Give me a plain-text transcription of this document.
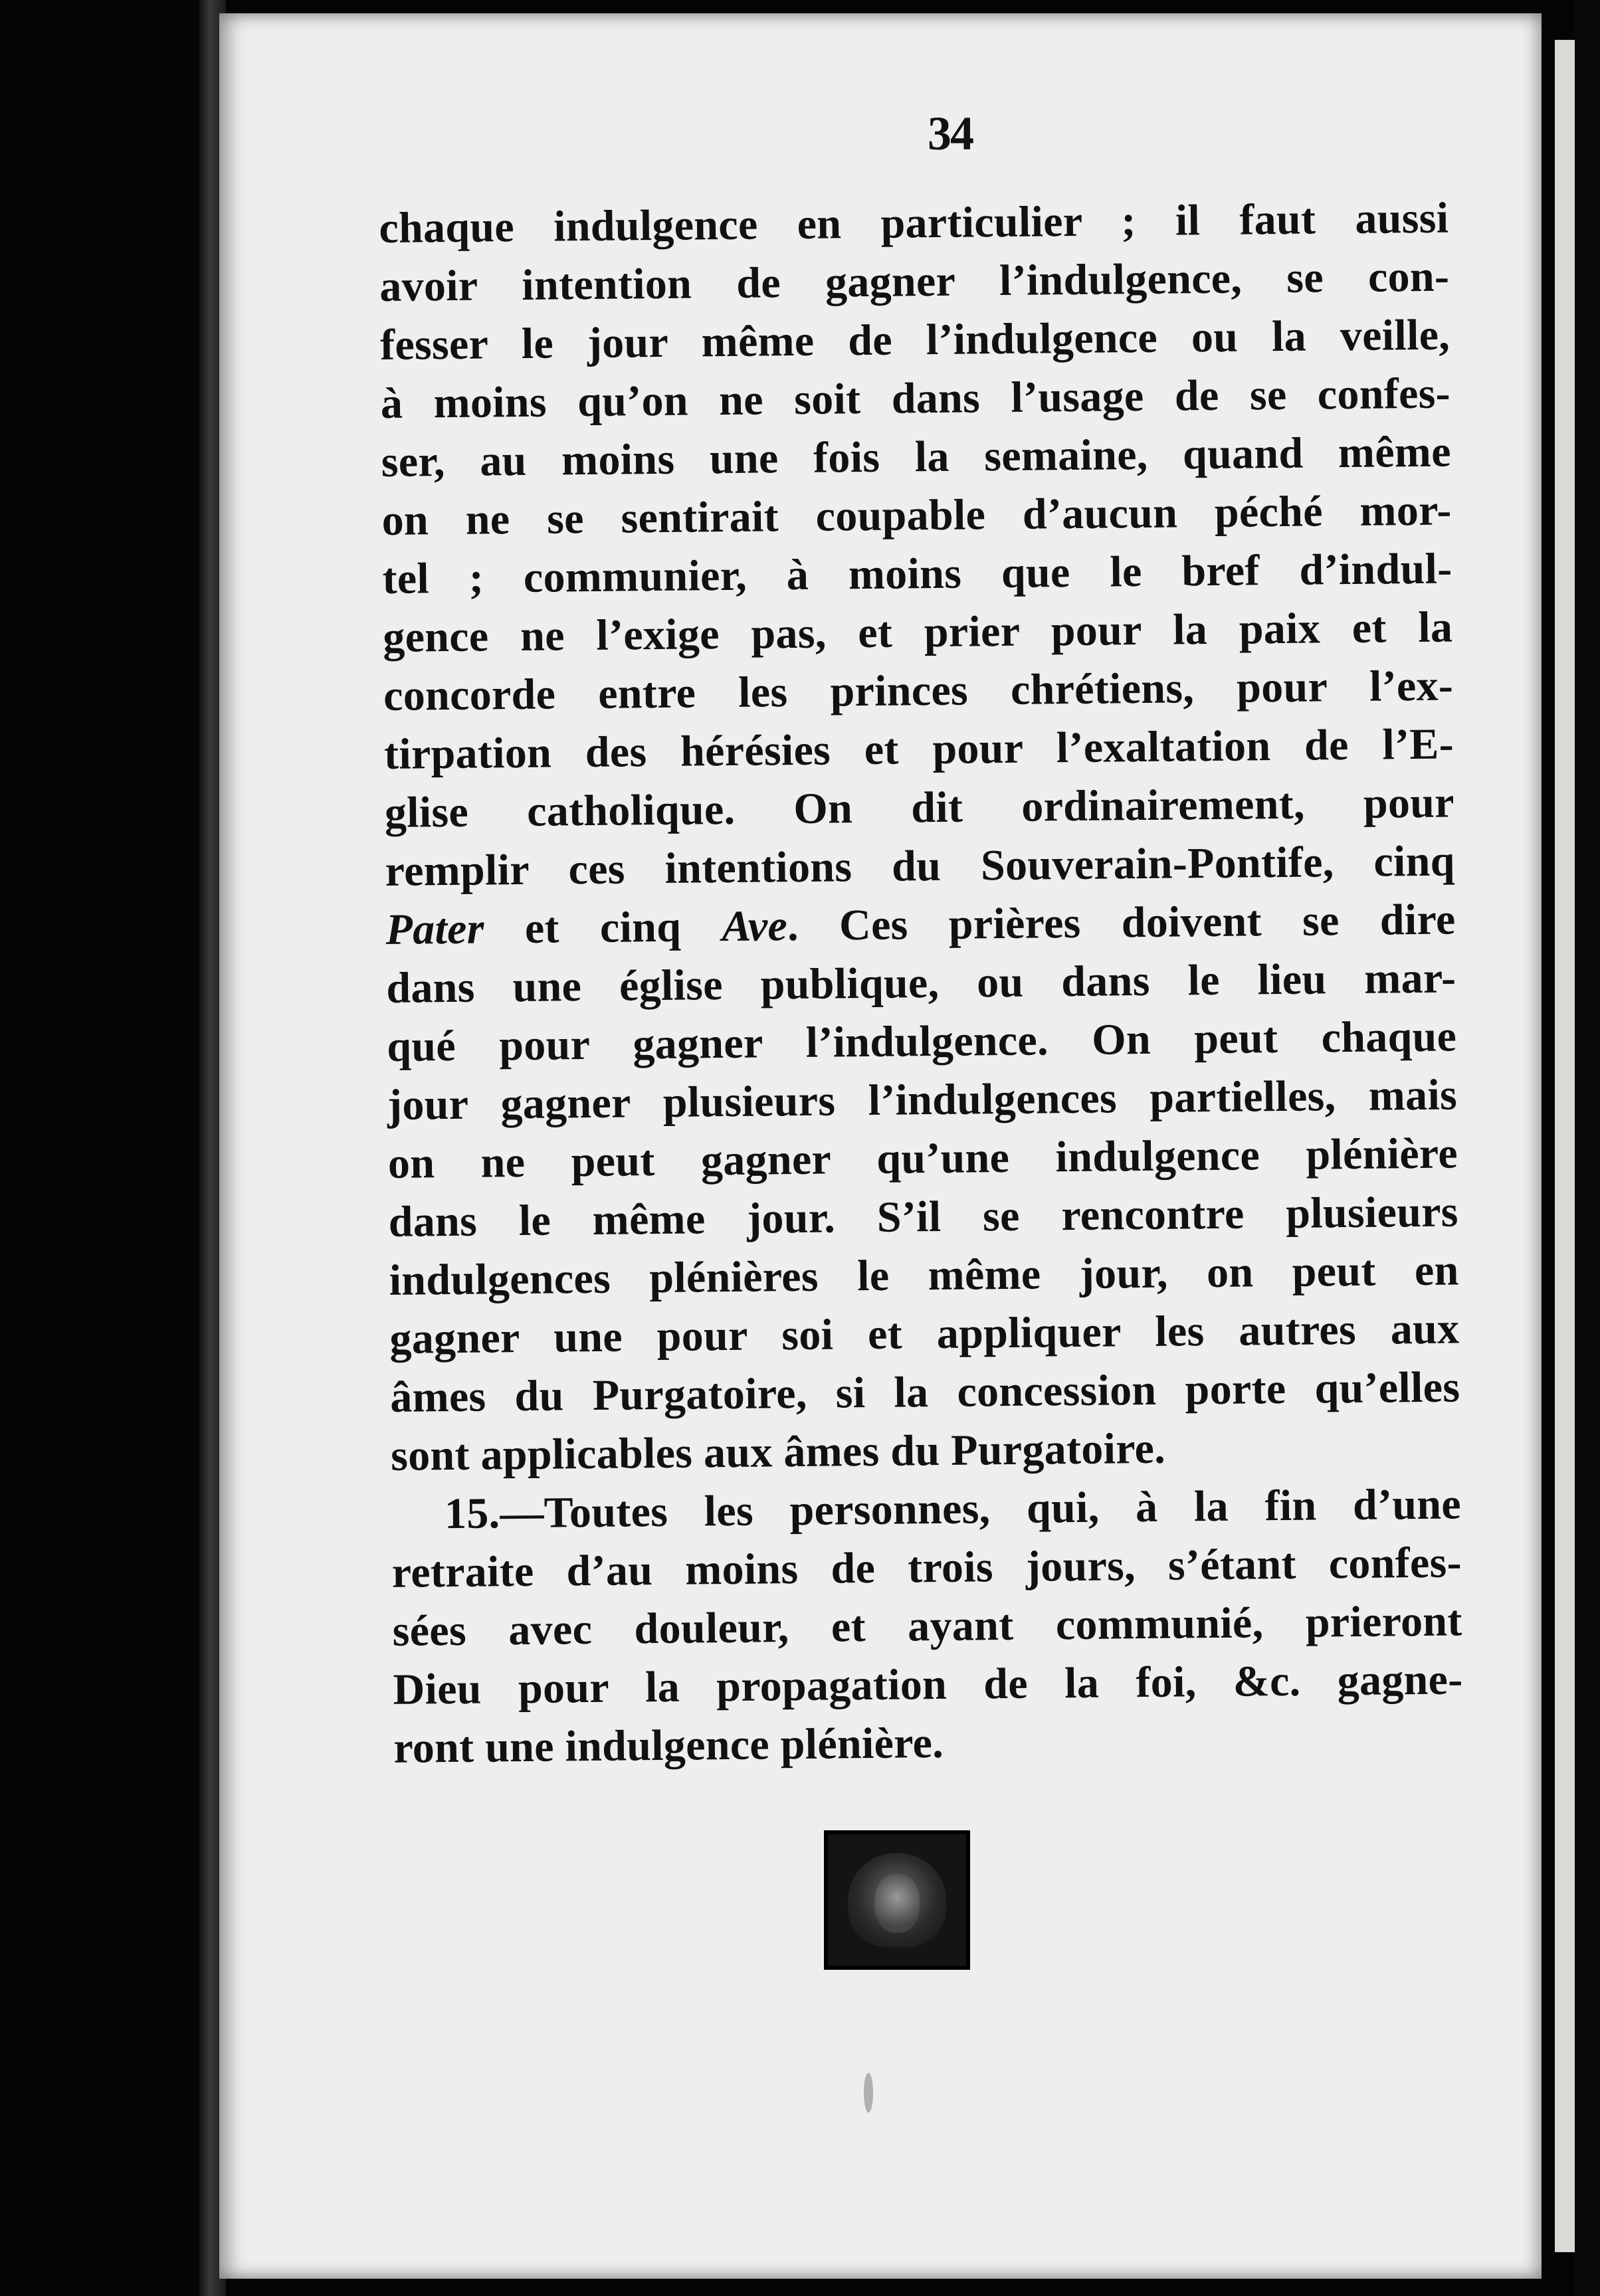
34
chaque indulgence en particulier ; il faut aussi
avoir intention de gagner l’indulgence, se con-
fesser le jour même de l’indulgence ou la veille,
à moins qu’on ne soit dans l’usage de se confes-
ser, au moins une fois la semaine, quand même
on ne se sentirait coupable d’aucun péché mor-
tel ; communier, à moins que le bref d’indul-
gence ne l’exige pas, et prier pour la paix et la
concorde entre les princes chrétiens, pour l’ex-
tirpation des hérésies et pour l’exaltation de l’E-
glise catholique. On dit ordinairement, pour
remplir ces intentions du Souverain-Pontife, cinq
Pater et cinq Ave. Ces prières doivent se dire
dans une église publique, ou dans le lieu mar-
qué pour gagner l’indulgence. On peut chaque
jour gagner plusieurs l’indulgences partielles, mais
on ne peut gagner qu’une indulgence plénière
dans le même jour. S’il se rencontre plusieurs
indulgences plénières le même jour, on peut en
gagner une pour soi et appliquer les autres aux
âmes du Purgatoire, si la concession porte qu’elles
sont applicables aux âmes du Purgatoire.
15.—Toutes les personnes, qui, à la fin d’une
retraite d’au moins de trois jours, s’étant confes-
sées avec douleur, et ayant communié, prieront
Dieu pour la propagation de la foi, &c. gagne-
ront une indulgence plénière.
